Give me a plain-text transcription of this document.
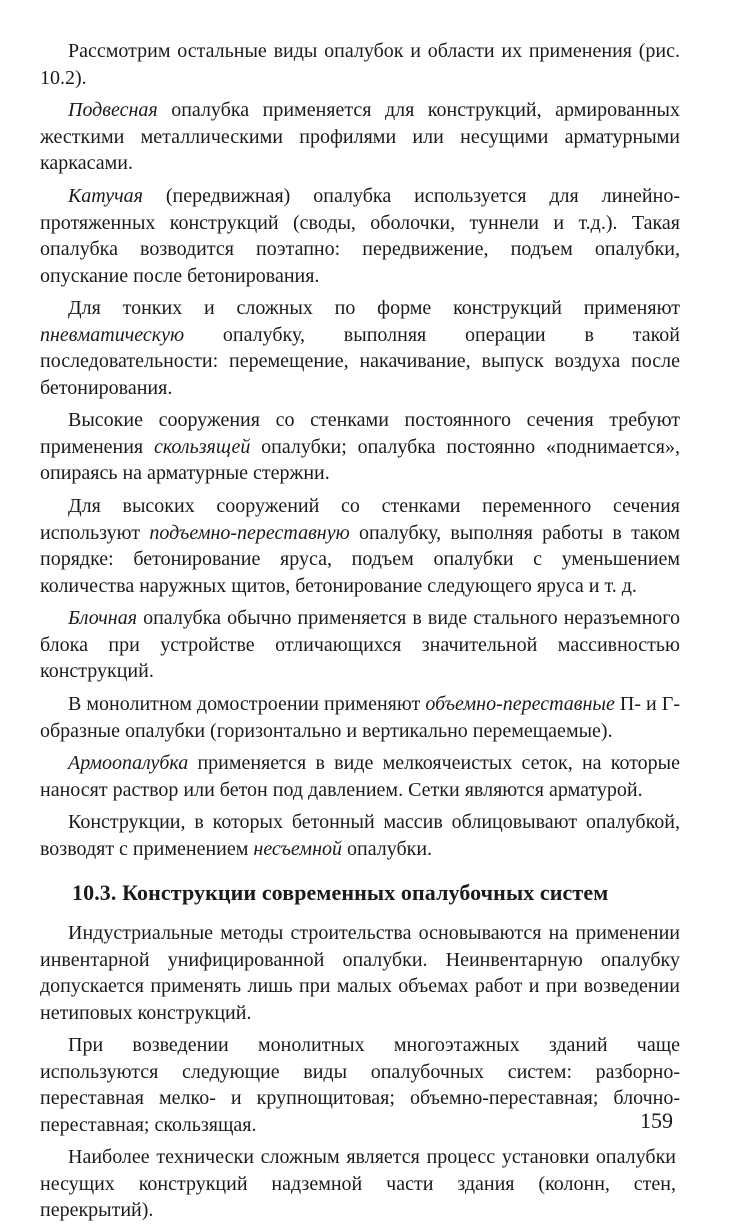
Рассмотрим остальные виды опалубок и области их применения (рис. 10.2).

Подвесная опалубка применяется для конструкций, армированных жесткими металлическими профилями или несущими арматурными каркасами.

Катучая (передвижная) опалубка используется для линейно-протяженных конструкций (своды, оболочки, туннели и т.д.). Такая опалубка возводится поэтапно: передвижение, подъем опалубки, опускание после бетонирования.

Для тонких и сложных по форме конструкций применяют пневматическую опалубку, выполняя операции в такой последовательности: перемещение, накачивание, выпуск воздуха после бетонирования.

Высокие сооружения со стенками постоянного сечения требуют применения скользящей опалубки; опалубка постоянно «поднимается», опираясь на арматурные стержни.

Для высоких сооружений со стенками переменного сечения используют подъемно-переставную опалубку, выполняя работы в таком порядке: бетонирование яруса, подъем опалубки с уменьшением количества наружных щитов, бетонирование следующего яруса и т. д.

Блочная опалубка обычно применяется в виде стального неразъемного блока при устройстве отличающихся значительной массивностью конструкций.

В монолитном домостроении применяют объемно-переставные П- и Г-образные опалубки (горизонтально и вертикально перемещаемые).

Армоопалубка применяется в виде мелкоячеистых сеток, на которые наносят раствор или бетон под давлением. Сетки являются арматурой.

Конструкции, в которых бетонный массив облицовывают опалубкой, возводят с применением несъемной опалубки.

10.3. Конструкции современных опалубочных систем

Индустриальные методы строительства основываются на применении инвентарной унифицированной опалубки. Неинвентарную опалубку допускается применять лишь при малых объемах работ и при возведении нетиповых конструкций.

При возведении монолитных многоэтажных зданий чаще используются следующие виды опалубочных систем: разборно-переставная мелко- и крупнощитовая; объемно-переставная; блочно-переставная; скользящая.

Наиболее технически сложным является процесс установки опалубки несущих конструкций надземной части здания (колонн, стен, перекрытий).

159
